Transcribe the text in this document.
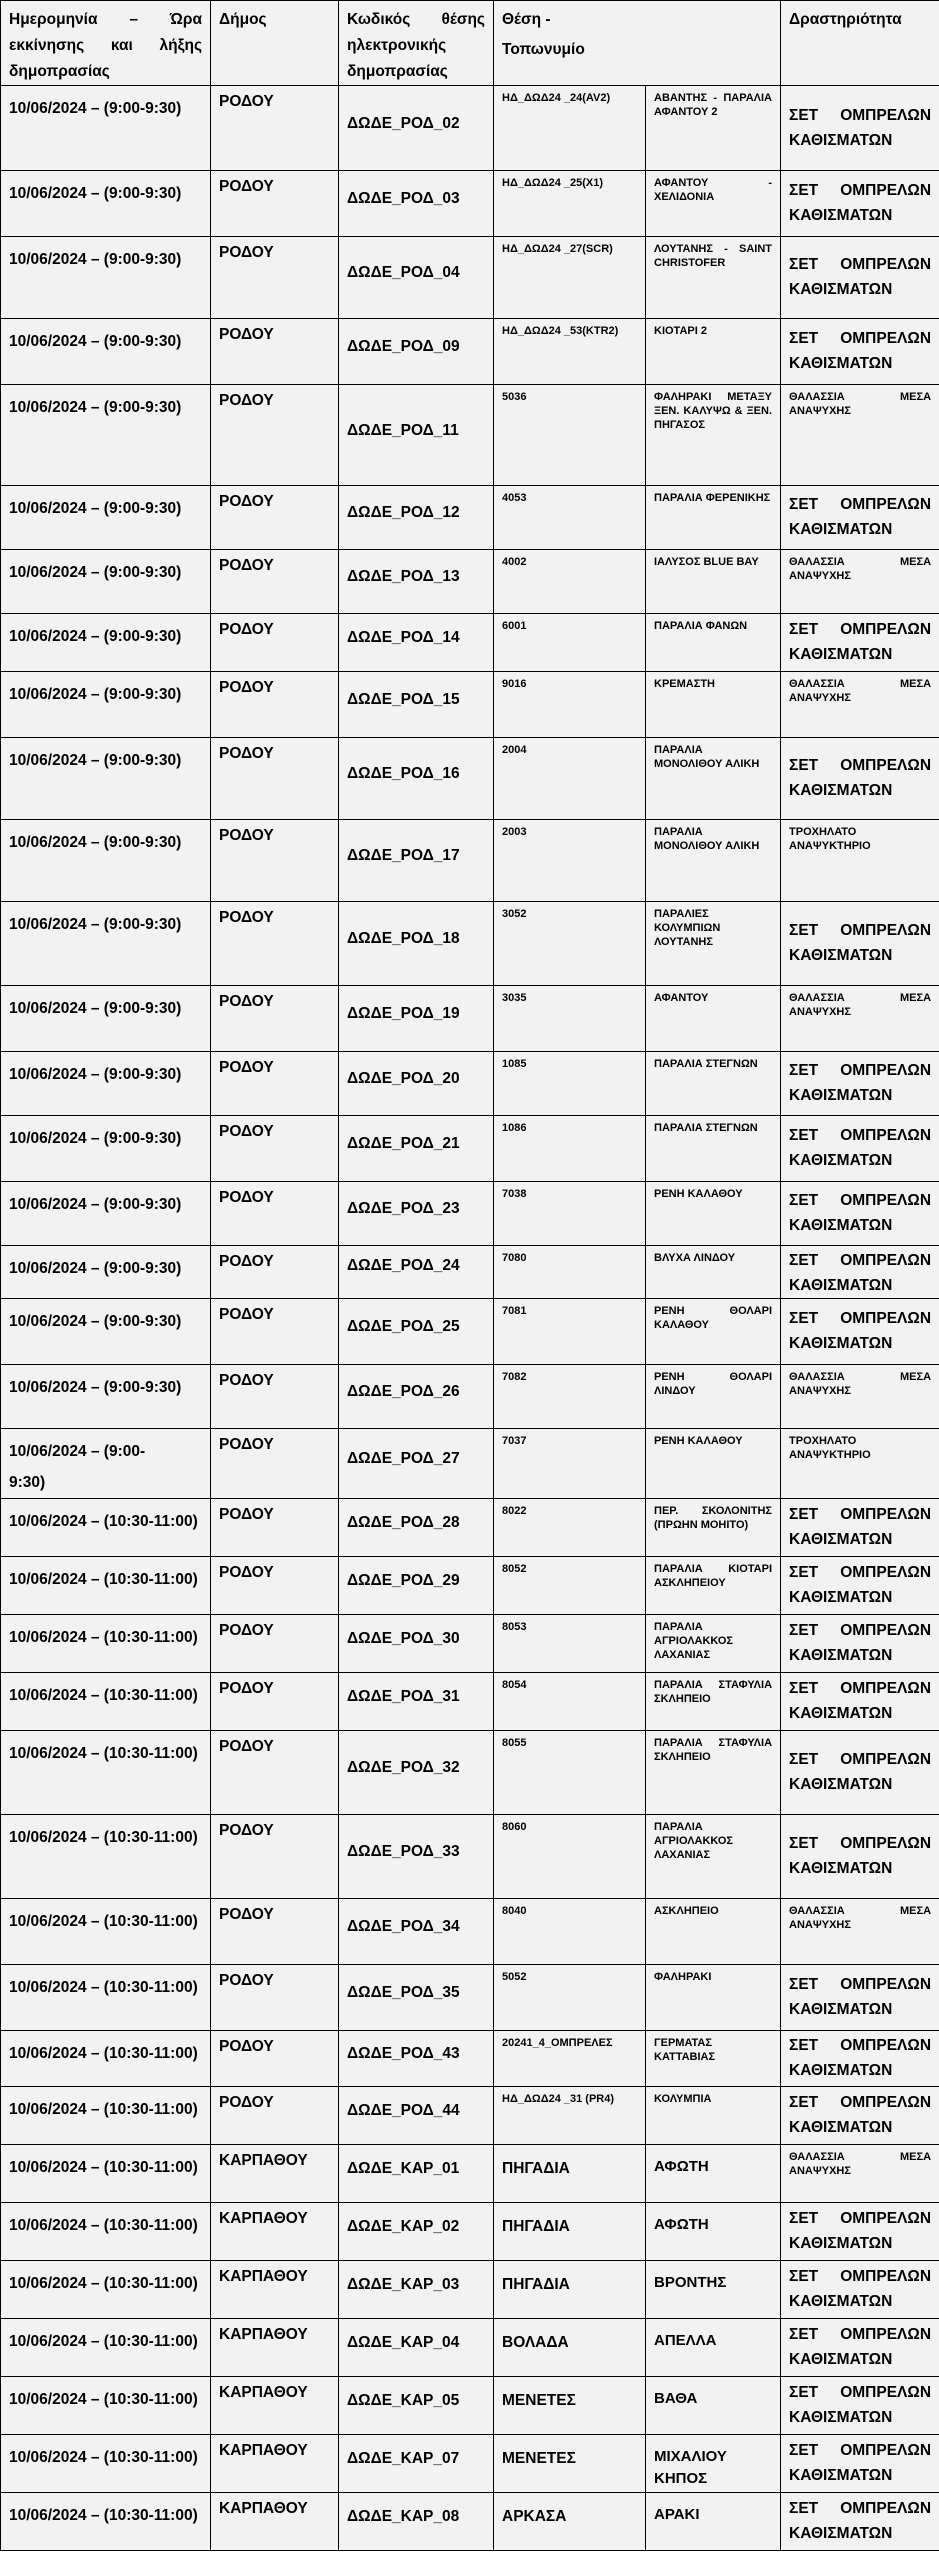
Ημερομηνία – Ώρα εκκίνησης και λήξης δημοπρασίας	Δήμος	Κωδικός θέσης ηλεκτρονικής δημοπρασίας	Θέση -
Τοπωνυμίο		Δραστηριότητα

10/06/2024 – (9:00-9:30)	ΡΟΔΟΥ	ΔΩΔΕ_ΡΟΔ_02	ΗΔ_ΔΩΔ24 _24(AV2)	ΑΒΑΝΤΗΣ - ΠΑΡΑΛΙΑ ΑΦΑΝΤΟΥ 2	ΣΕΤ ΟΜΠΡΕΛΩΝ ΚΑΘΙΣΜΑΤΩΝ

10/06/2024 – (9:00-9:30)	ΡΟΔΟΥ	ΔΩΔΕ_ΡΟΔ_03	ΗΔ_ΔΩΔ24 _25(X1)	ΑΦΑΝΤΟΥ - ΧΕΛΙΔΟΝΙΑ	ΣΕΤ ΟΜΠΡΕΛΩΝ ΚΑΘΙΣΜΑΤΩΝ

10/06/2024 – (9:00-9:30)	ΡΟΔΟΥ	ΔΩΔΕ_ΡΟΔ_04	ΗΔ_ΔΩΔ24 _27(SCR)	ΛΟΥΤΑΝΗΣ - SAINT CHRISTOFER	ΣΕΤ ΟΜΠΡΕΛΩΝ ΚΑΘΙΣΜΑΤΩΝ

10/06/2024 – (9:00-9:30)	ΡΟΔΟΥ	ΔΩΔΕ_ΡΟΔ_09	ΗΔ_ΔΩΔ24 _53(KTR2)	ΚΙΟΤΑΡΙ 2	ΣΕΤ ΟΜΠΡΕΛΩΝ ΚΑΘΙΣΜΑΤΩΝ

10/06/2024 – (9:00-9:30)	ΡΟΔΟΥ	ΔΩΔΕ_ΡΟΔ_11	5036	ΦΑΛΗΡΑΚΙ ΜΕΤΑΞΥ ΞΕΝ. ΚΑΛΥΨΩ & ΞΕΝ. ΠΗΓΑΣΟΣ	ΘΑΛΑΣΣΙΑ ΜΕΣΑ ΑΝΑΨΥΧΗΣ

10/06/2024 – (9:00-9:30)	ΡΟΔΟΥ	ΔΩΔΕ_ΡΟΔ_12	4053	ΠΑΡΑΛΙΑ ΦΕΡΕΝΙΚΗΣ	ΣΕΤ ΟΜΠΡΕΛΩΝ ΚΑΘΙΣΜΑΤΩΝ

10/06/2024 – (9:00-9:30)	ΡΟΔΟΥ	ΔΩΔΕ_ΡΟΔ_13	4002	ΙΑΛΥΣΟΣ BLUE BAY	ΘΑΛΑΣΣΙΑ ΜΕΣΑ ΑΝΑΨΥΧΗΣ

10/06/2024 – (9:00-9:30)	ΡΟΔΟΥ	ΔΩΔΕ_ΡΟΔ_14	6001	ΠΑΡΑΛΙΑ ΦΑΝΩΝ	ΣΕΤ ΟΜΠΡΕΛΩΝ ΚΑΘΙΣΜΑΤΩΝ

10/06/2024 – (9:00-9:30)	ΡΟΔΟΥ	ΔΩΔΕ_ΡΟΔ_15	9016	ΚΡΕΜΑΣΤΗ	ΘΑΛΑΣΣΙΑ ΜΕΣΑ ΑΝΑΨΥΧΗΣ

10/06/2024 – (9:00-9:30)	ΡΟΔΟΥ	ΔΩΔΕ_ΡΟΔ_16	2004	ΠΑΡΑΛΙΑ ΜΟΝΟΛΙΘΟΥ ΑΛΙΚΗ	ΣΕΤ ΟΜΠΡΕΛΩΝ ΚΑΘΙΣΜΑΤΩΝ

10/06/2024 – (9:00-9:30)	ΡΟΔΟΥ	ΔΩΔΕ_ΡΟΔ_17	2003	ΠΑΡΑΛΙΑ ΜΟΝΟΛΙΘΟΥ ΑΛΙΚΗ	ΤΡΟΧΗΛΑΤΟ ΑΝΑΨΥΚΤΗΡΙΟ

10/06/2024 – (9:00-9:30)	ΡΟΔΟΥ	ΔΩΔΕ_ΡΟΔ_18	3052	ΠΑΡΑΛΙΕΣ ΚΟΛΥΜΠΙΩΝ ΛΟΥΤΑΝΗΣ	ΣΕΤ ΟΜΠΡΕΛΩΝ ΚΑΘΙΣΜΑΤΩΝ

10/06/2024 – (9:00-9:30)	ΡΟΔΟΥ	ΔΩΔΕ_ΡΟΔ_19	3035	ΑΦΑΝΤΟΥ	ΘΑΛΑΣΣΙΑ ΜΕΣΑ ΑΝΑΨΥΧΗΣ

10/06/2024 – (9:00-9:30)	ΡΟΔΟΥ	ΔΩΔΕ_ΡΟΔ_20	1085	ΠΑΡΑΛΙΑ ΣΤΕΓΝΩΝ	ΣΕΤ ΟΜΠΡΕΛΩΝ ΚΑΘΙΣΜΑΤΩΝ

10/06/2024 – (9:00-9:30)	ΡΟΔΟΥ	ΔΩΔΕ_ΡΟΔ_21	1086	ΠΑΡΑΛΙΑ ΣΤΕΓΝΩΝ	ΣΕΤ ΟΜΠΡΕΛΩΝ ΚΑΘΙΣΜΑΤΩΝ

10/06/2024 – (9:00-9:30)	ΡΟΔΟΥ	ΔΩΔΕ_ΡΟΔ_23	7038	ΡΕΝΗ ΚΑΛΑΘΟΥ	ΣΕΤ ΟΜΠΡΕΛΩΝ ΚΑΘΙΣΜΑΤΩΝ

10/06/2024 – (9:00-9:30)	ΡΟΔΟΥ	ΔΩΔΕ_ΡΟΔ_24	7080	ΒΛΥΧΑ ΛΙΝΔΟΥ	ΣΕΤ ΟΜΠΡΕΛΩΝ ΚΑΘΙΣΜΑΤΩΝ

10/06/2024 – (9:00-9:30)	ΡΟΔΟΥ	ΔΩΔΕ_ΡΟΔ_25	7081	ΡΕΝΗ ΘΟΛΑΡΙ ΚΑΛΑΘΟΥ	ΣΕΤ ΟΜΠΡΕΛΩΝ ΚΑΘΙΣΜΑΤΩΝ

10/06/2024 – (9:00-9:30)	ΡΟΔΟΥ	ΔΩΔΕ_ΡΟΔ_26	7082	ΡΕΝΗ ΘΟΛΑΡΙ ΛΙΝΔΟΥ	ΘΑΛΑΣΣΙΑ ΜΕΣΑ ΑΝΑΨΥΧΗΣ

10/06/2024 – (9:00-
9:30)	ΡΟΔΟΥ	ΔΩΔΕ_ΡΟΔ_27	7037	ΡΕΝΗ ΚΑΛΑΘΟΥ	ΤΡΟΧΗΛΑΤΟ ΑΝΑΨΥΚΤΗΡΙΟ

10/06/2024 – (10:30-11:00)	ΡΟΔΟΥ	ΔΩΔΕ_ΡΟΔ_28	8022	ΠΕΡ. ΣΚΟΛΟΝΙΤΗΣ (ΠΡΩΗΝ ΜΟΗΙΤΟ)	ΣΕΤ ΟΜΠΡΕΛΩΝ ΚΑΘΙΣΜΑΤΩΝ

10/06/2024 – (10:30-11:00)	ΡΟΔΟΥ	ΔΩΔΕ_ΡΟΔ_29	8052	ΠΑΡΑΛΙΑ ΚΙΟΤΑΡΙ ΑΣΚΛΗΠΕΙΟΥ	ΣΕΤ ΟΜΠΡΕΛΩΝ ΚΑΘΙΣΜΑΤΩΝ

10/06/2024 – (10:30-11:00)	ΡΟΔΟΥ	ΔΩΔΕ_ΡΟΔ_30	8053	ΠΑΡΑΛΙΑ ΑΓΡΙΟΛΑΚΚΟΣ ΛΑΧΑΝΙΑΣ	ΣΕΤ ΟΜΠΡΕΛΩΝ ΚΑΘΙΣΜΑΤΩΝ

10/06/2024 – (10:30-11:00)	ΡΟΔΟΥ	ΔΩΔΕ_ΡΟΔ_31	8054	ΠΑΡΑΛΙΑ ΣΤΑΦΥΛΙΑ ΣΚΛΗΠΕΙΟ	ΣΕΤ ΟΜΠΡΕΛΩΝ ΚΑΘΙΣΜΑΤΩΝ

10/06/2024 – (10:30-11:00)	ΡΟΔΟΥ	ΔΩΔΕ_ΡΟΔ_32	8055	ΠΑΡΑΛΙΑ ΣΤΑΦΥΛΙΑ ΣΚΛΗΠΕΙΟ	ΣΕΤ ΟΜΠΡΕΛΩΝ ΚΑΘΙΣΜΑΤΩΝ

10/06/2024 – (10:30-11:00)	ΡΟΔΟΥ	ΔΩΔΕ_ΡΟΔ_33	8060	ΠΑΡΑΛΙΑ ΑΓΡΙΟΛΑΚΚΟΣ ΛΑΧΑΝΙΑΣ	ΣΕΤ ΟΜΠΡΕΛΩΝ ΚΑΘΙΣΜΑΤΩΝ

10/06/2024 – (10:30-11:00)	ΡΟΔΟΥ	ΔΩΔΕ_ΡΟΔ_34	8040	ΑΣΚΛΗΠΕΙΟ	ΘΑΛΑΣΣΙΑ ΜΕΣΑ ΑΝΑΨΥΧΗΣ

10/06/2024 – (10:30-11:00)	ΡΟΔΟΥ	ΔΩΔΕ_ΡΟΔ_35	5052	ΦΑΛΗΡΑΚΙ	ΣΕΤ ΟΜΠΡΕΛΩΝ ΚΑΘΙΣΜΑΤΩΝ

10/06/2024 – (10:30-11:00)	ΡΟΔΟΥ	ΔΩΔΕ_ΡΟΔ_43	20241_4_ΟΜΠΡΕΛΕΣ	ΓΕΡΜΑΤΑΣ ΚΑΤΤΑΒΙΑΣ	ΣΕΤ ΟΜΠΡΕΛΩΝ ΚΑΘΙΣΜΑΤΩΝ

10/06/2024 – (10:30-11:00)	ΡΟΔΟΥ	ΔΩΔΕ_ΡΟΔ_44	ΗΔ_ΔΩΔ24 _31 (PR4)	ΚΟΛΥΜΠΙΑ	ΣΕΤ ΟΜΠΡΕΛΩΝ ΚΑΘΙΣΜΑΤΩΝ

10/06/2024 – (10:30-11:00)	ΚΑΡΠΑΘΟΥ	ΔΩΔΕ_ΚΑΡ_01	ΠΗΓΑΔΙΑ	ΑΦΩΤΗ	ΘΑΛΑΣΣΙΑ ΜΕΣΑ ΑΝΑΨΥΧΗΣ

10/06/2024 – (10:30-11:00)	ΚΑΡΠΑΘΟΥ	ΔΩΔΕ_ΚΑΡ_02	ΠΗΓΑΔΙΑ	ΑΦΩΤΗ	ΣΕΤ ΟΜΠΡΕΛΩΝ ΚΑΘΙΣΜΑΤΩΝ

10/06/2024 – (10:30-11:00)	ΚΑΡΠΑΘΟΥ	ΔΩΔΕ_ΚΑΡ_03	ΠΗΓΑΔΙΑ	ΒΡΟΝΤΗΣ	ΣΕΤ ΟΜΠΡΕΛΩΝ ΚΑΘΙΣΜΑΤΩΝ

10/06/2024 – (10:30-11:00)	ΚΑΡΠΑΘΟΥ	ΔΩΔΕ_ΚΑΡ_04	ΒΟΛΑΔΑ	ΑΠΕΛΛΑ	ΣΕΤ ΟΜΠΡΕΛΩΝ ΚΑΘΙΣΜΑΤΩΝ

10/06/2024 – (10:30-11:00)	ΚΑΡΠΑΘΟΥ	ΔΩΔΕ_ΚΑΡ_05	ΜΕΝΕΤΕΣ	ΒΑΘΑ	ΣΕΤ ΟΜΠΡΕΛΩΝ ΚΑΘΙΣΜΑΤΩΝ

10/06/2024 – (10:30-11:00)	ΚΑΡΠΑΘΟΥ	ΔΩΔΕ_ΚΑΡ_07	ΜΕΝΕΤΕΣ	ΜΙΧΑΛΙΟΥ ΚΗΠΟΣ	ΣΕΤ ΟΜΠΡΕΛΩΝ ΚΑΘΙΣΜΑΤΩΝ

10/06/2024 – (10:30-11:00)	ΚΑΡΠΑΘΟΥ	ΔΩΔΕ_ΚΑΡ_08	ΑΡΚΑΣΑ	ΑΡΑΚΙ	ΣΕΤ ΟΜΠΡΕΛΩΝ ΚΑΘΙΣΜΑΤΩΝ
